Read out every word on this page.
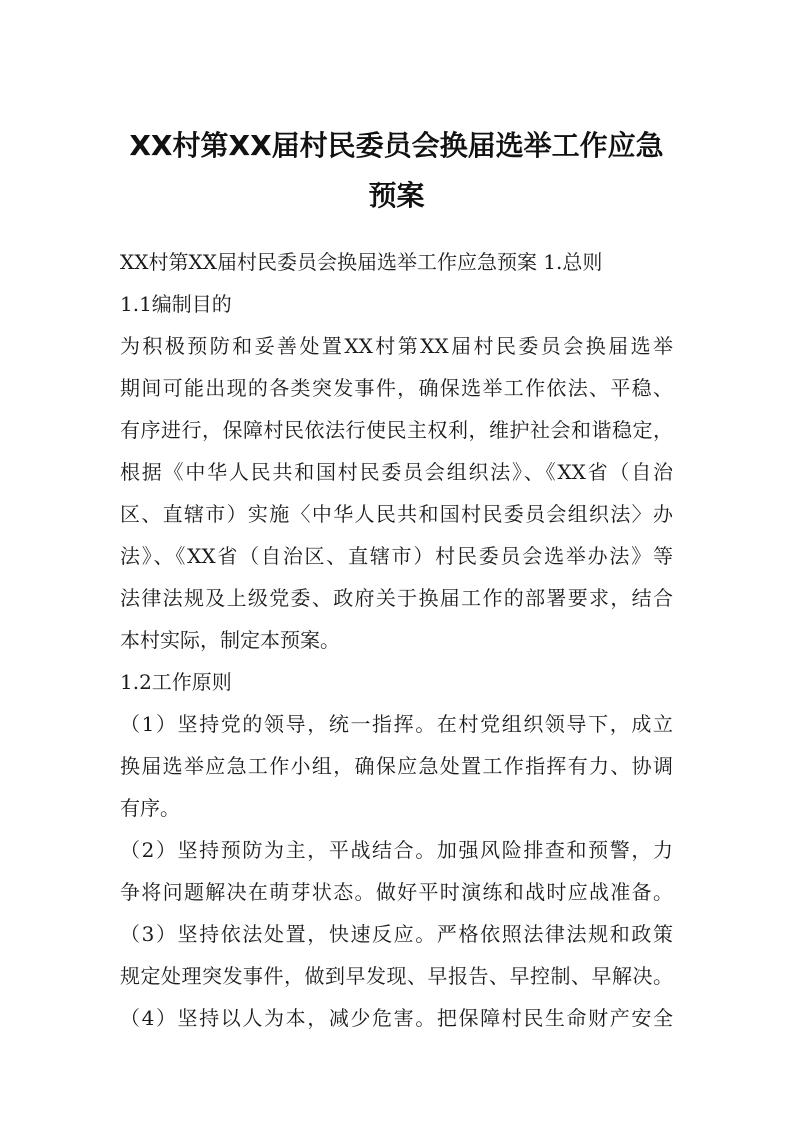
XX村第XX届村民委员会换届选举工作应急
预案

XX村第XX届村民委员会换届选举工作应急预案 1.总则

1.1编制目的

为积极预防和妥善处置XX村第XX届村民委员会换届选举

期间可能出现的各类突发事件，确保选举工作依法、平稳、

有序进行，保障村民依法行使民主权利，维护社会和谐稳定，

根据《中华人民共和国村民委员会组织法》、《XX省（自治

区、直辖市）实施〈中华人民共和国村民委员会组织法〉办

法》、《XX省（自治区、直辖市）村民委员会选举办法》等

法律法规及上级党委、政府关于换届工作的部署要求，结合

本村实际，制定本预案。

1.2工作原则

（1）坚持党的领导，统一指挥。在村党组织领导下，成立

换届选举应急工作小组，确保应急处置工作指挥有力、协调

有序。

（2）坚持预防为主，平战结合。加强风险排查和预警，力

争将问题解决在萌芽状态。做好平时演练和战时应战准备。

（3）坚持依法处置，快速反应。严格依照法律法规和政策

规定处理突发事件，做到早发现、早报告、早控制、早解决。

（4）坚持以人为本，减少危害。把保障村民生命财产安全
